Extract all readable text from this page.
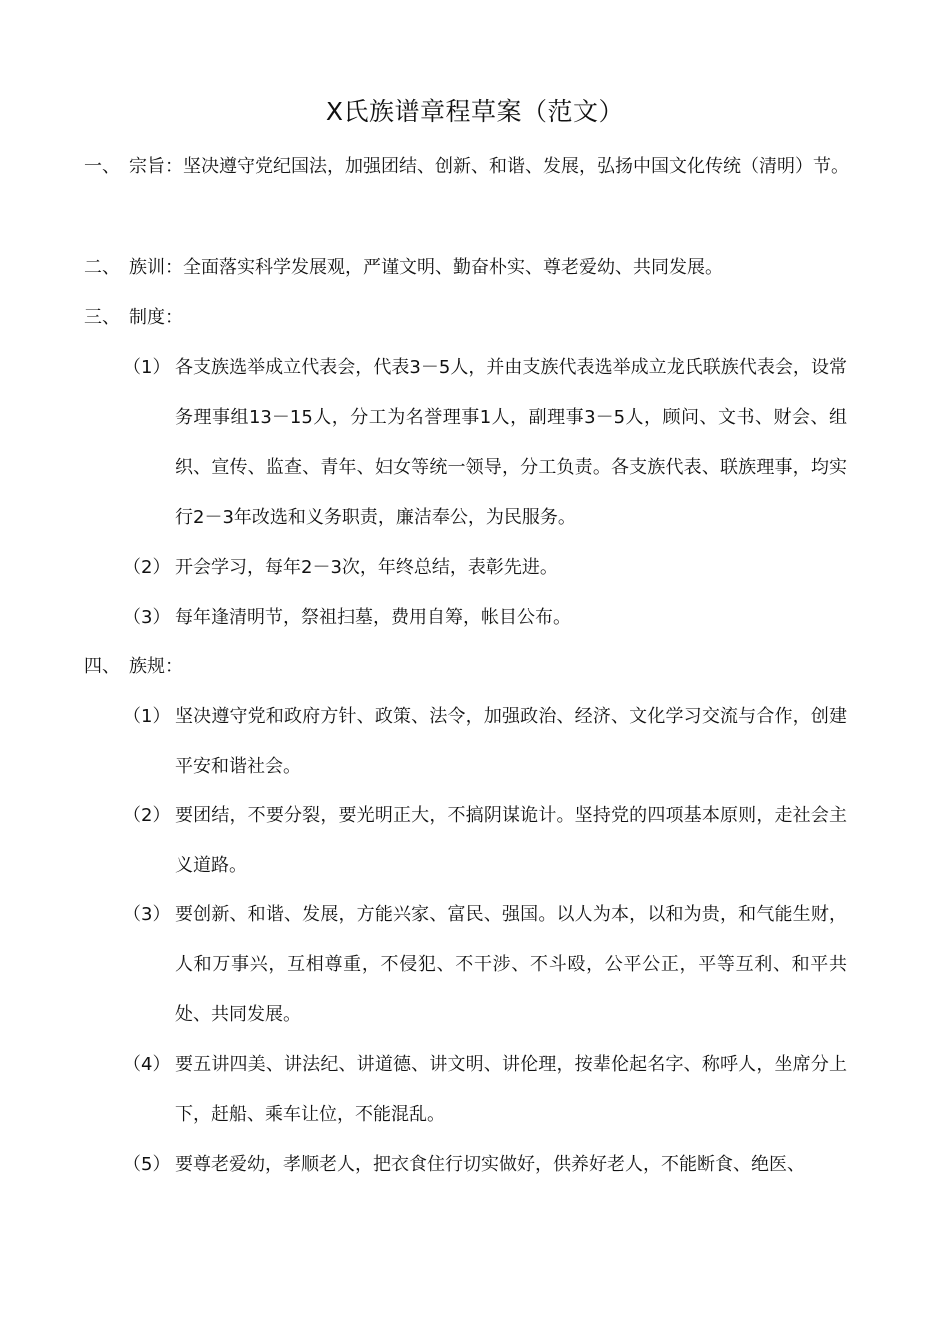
X氏族谱章程草案（范文）
一、 宗旨：坚决遵守党纪国法，加强团结、创新、和谐、发展，弘扬中国文化传统（清明）节。
二、 族训：全面落实科学发展观，严谨文明、勤奋朴实、尊老爱幼、共同发展。
三、 制度：
（1） 各支族选举成立代表会，代表3－5人，并由支族代表选举成立龙氏联族代表会，设常务理事组13－15人，分工为名誉理事1人，副理事3－5人，顾问、文书、财会、组织、宣传、监查、青年、妇女等统一领导，分工负责。各支族代表、联族理事，均实行2－3年改选和义务职责，廉洁奉公，为民服务。
（2） 开会学习，每年2－3次，年终总结，表彰先进。
（3） 每年逢清明节，祭祖扫墓，费用自筹，帐目公布。
四、 族规：
（1） 坚决遵守党和政府方针、政策、法令，加强政治、经济、文化学习交流与合作，创建平安和谐社会。
（2） 要团结，不要分裂，要光明正大，不搞阴谋诡计。坚持党的四项基本原则，走社会主义道路。
（3） 要创新、和谐、发展，方能兴家、富民、强国。以人为本，以和为贵，和气能生财，人和万事兴，互相尊重，不侵犯、不干涉、不斗殴，公平公正，平等互利、和平共处、共同发展。
（4） 要五讲四美、讲法纪、讲道德、讲文明、讲伦理，按辈伦起名字、称呼人，坐席分上下，赶船、乘车让位，不能混乱。
（5） 要尊老爱幼，孝顺老人，把衣食住行切实做好，供养好老人，不能断食、绝医、
